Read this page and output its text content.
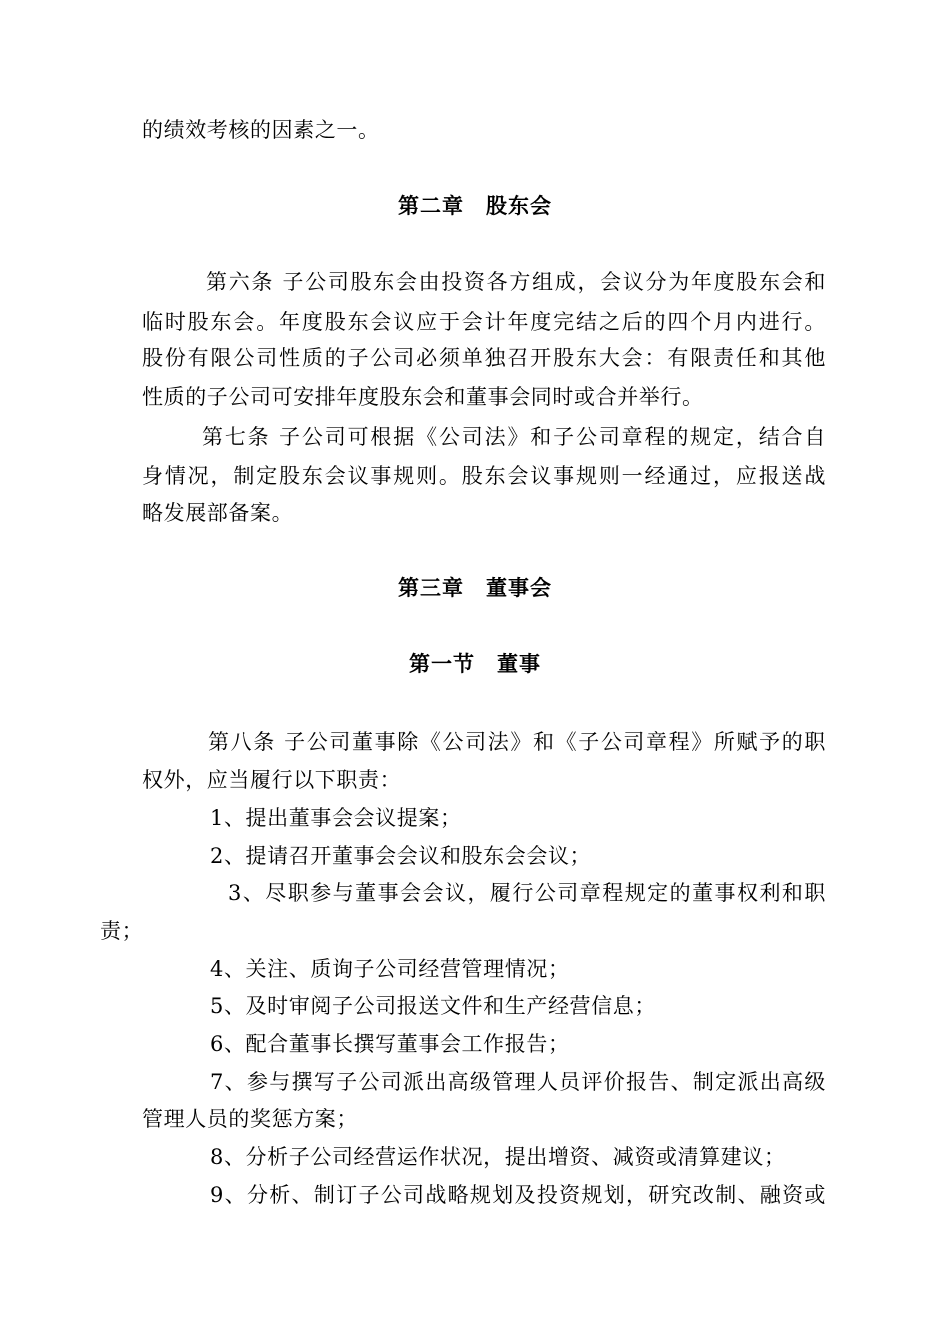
的绩效考核的因素之一。
第二章　股东会
第六条 子公司股东会由投资各方组成，会议分为年度股东会和
临时股东会。年度股东会议应于会计年度完结之后的四个月内进行。
股份有限公司性质的子公司必须单独召开股东大会：有限责任和其他
性质的子公司可安排年度股东会和董事会同时或合并举行。
第七条 子公司可根据《公司法》和子公司章程的规定，结合自
身情况，制定股东会议事规则。股东会议事规则一经通过，应报送战
略发展部备案。
第三章　董事会
第一节　董事
第八条 子公司董事除《公司法》和《子公司章程》所赋予的职
权外，应当履行以下职责：
1、提出董事会会议提案；
2、提请召开董事会会议和股东会会议；
3、尽职参与董事会会议，履行公司章程规定的董事权利和职
责；
4、关注、质询子公司经营管理情况；
5、及时审阅子公司报送文件和生产经营信息；
6、配合董事长撰写董事会工作报告；
7、参与撰写子公司派出高级管理人员评价报告、制定派出高级
管理人员的奖惩方案；
8、分析子公司经营运作状况，提出增资、减资或清算建议；
9、分析、制订子公司战略规划及投资规划，研究改制、融资或
